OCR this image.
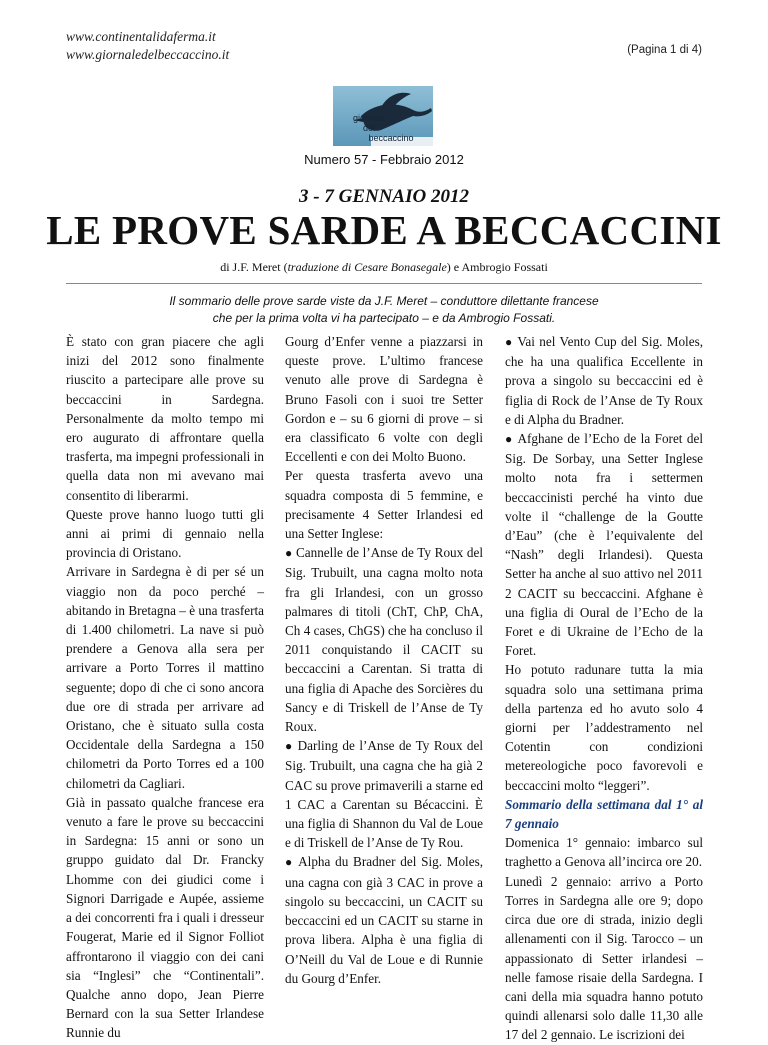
www.continentalidaferma.it
www.giornaledelbeccaccino.it	(Pagina 1 di 4)
giornale
del
beccaccino
Numero 57 - Febbraio 2012
3 - 7 GENNAIO 2012
LE PROVE SARDE A BECCACCINI
di J.F. Meret (traduzione di Cesare Bonasegale) e Ambrogio Fossati
Il sommario delle prove sarde viste da J.F. Meret – conduttore dilettante francese
che per la prima volta vi ha partecipato – e da Ambrogio Fossati.

È stato con gran piacere che agli inizi del 2012 sono finalmente riuscito a partecipare alle prove su beccaccini in Sardegna. Personalmente da molto tempo mi ero augurato di affrontare quella trasferta, ma impegni professionali in quella data non mi avevano mai consentito di liberarmi.

Queste prove hanno luogo tutti gli anni ai primi di gennaio nella provincia di Oristano.

Arrivare in Sardegna è di per sé un viaggio non da poco perché – abitando in Bretagna – è una trasferta di 1.400 chilometri. La nave si può prendere a Genova alla sera per arrivare a Porto Torres il mattino seguente; dopo di che ci sono ancora due ore di strada per arrivare ad Oristano, che è situato sulla costa Occidentale della Sardegna a 150 chilometri da Porto Torres ed a 100 chilometri da Cagliari.

Già in passato qualche francese era venuto a fare le prove su beccaccini in Sardegna: 15 anni or sono un gruppo guidato dal Dr. Francky Lhomme con dei giudici come i Signori Darrigade e Aupée, assieme a dei concorrenti fra i quali i dresseur Fougerat, Marie ed il Signor Folliot affrontarono il viaggio con dei cani sia “Inglesi” che “Continentali”. Qualche anno dopo, Jean Pierre Bernard con la sua Setter Irlandese Runnie du

Gourg d’Enfer venne a piazzarsi in queste prove. L’ultimo francese venuto alle prove di Sardegna è Bruno Fasoli con i suoi tre Setter Gordon e – su 6 giorni di prove – si era classificato 6 volte con degli Eccellenti e con dei Molto Buono.

Per questa trasferta avevo una squadra composta di 5 femmine, e precisamente 4 Setter Irlandesi ed una Setter Inglese:

● Cannelle de l’Anse de Ty Roux del Sig. Trubuilt, una cagna molto nota fra gli Irlandesi, con un grosso palmares di titoli (ChT, ChP, ChA, Ch 4 cases, ChGS) che ha concluso il 2011 conquistando il CACIT su beccaccini a Carentan. Si tratta di una figlia di Apache des Sorcières du Sancy e di Triskell de l’Anse de Ty Roux.

● Darling de l’Anse de Ty Roux del Sig. Trubuilt, una cagna che ha già 2 CAC su prove primaverili a starne ed 1 CAC a Carentan su Bécaccini. È una figlia di Shannon du Val de Loue e di Triskell de l’Anse de Ty Rou.

● Alpha du Bradner del Sig. Moles, una cagna con già 3 CAC in prove a singolo su beccaccini, un CACIT su beccaccini ed un CACIT su starne in prova libera. Alpha è una figlia di O’Neill du Val de Loue e di Runnie du Gourg d’Enfer.

● Vai nel Vento Cup del Sig. Moles, che ha una qualifica Eccellente in prova a singolo su beccaccini ed è figlia di Rock de l’Anse de Ty Roux e di Alpha du Bradner.

● Afghane de l’Echo de la Foret del Sig. De Sorbay, una Setter Inglese molto nota fra i settermen beccaccinisti perché ha vinto due volte il “challenge de la Goutte d’Eau” (che è l’equivalente del “Nash” degli Irlandesi). Questa Setter ha anche al suo attivo nel 2011 2 CACIT su beccaccini. Afghane è una figlia di Oural de l’Echo de la Foret e di Ukraine de l’Echo de la Foret.

Ho potuto radunare tutta la mia squadra solo una settimana prima della partenza ed ho avuto solo 4 giorni per l’addestramento nel Cotentin con condizioni metereologiche poco favorevoli e beccaccini molto “leggeri”.

Sommario della settimana dal 1° al 7 gennaio

Domenica 1° gennaio: imbarco sul traghetto a Genova all’incirca ore 20.

Lunedì 2 gennaio: arrivo a Porto Torres in Sardegna alle ore 9; dopo circa due ore di strada, inizio degli allenamenti con il Sig. Tarocco – un appassionato di Setter irlandesi – nelle famose risaie della Sardegna. I cani della mia squadra hanno potuto quindi allenarsi solo dalle 11,30 alle 17 del 2 gennaio. Le iscrizioni dei
